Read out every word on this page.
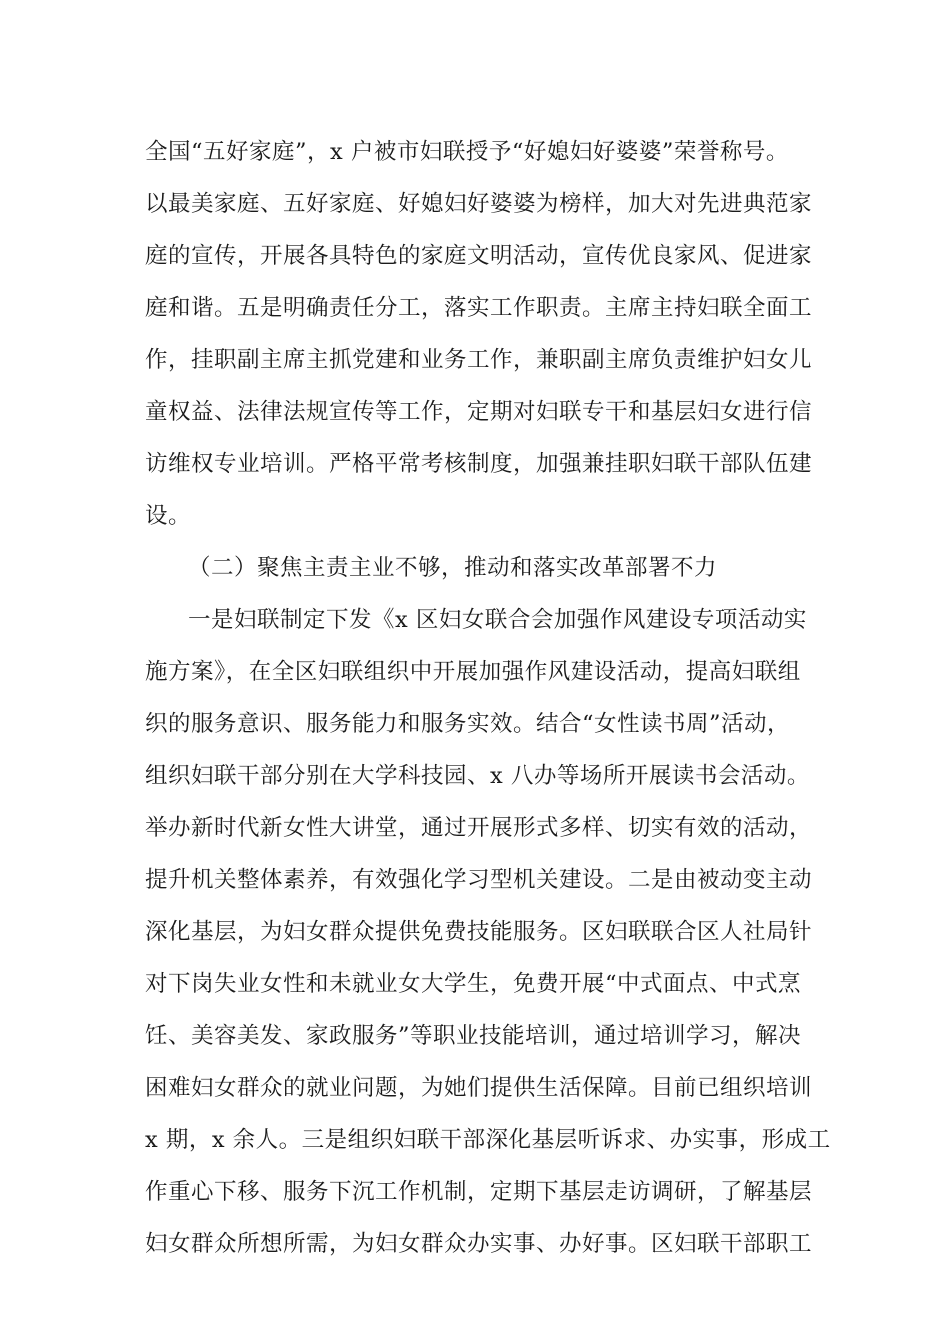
全国“五好家庭”，x 户被市妇联授予“好媳妇好婆婆”荣誉称号。
以最美家庭、五好家庭、好媳妇好婆婆为榜样，加大对先进典范家
庭的宣传，开展各具特色的家庭文明活动，宣传优良家风、促进家
庭和谐。五是明确责任分工，落实工作职责。主席主持妇联全面工
作，挂职副主席主抓党建和业务工作，兼职副主席负责维护妇女儿
童权益、法律法规宣传等工作，定期对妇联专干和基层妇女进行信
访维权专业培训。严格平常考核制度，加强兼挂职妇联干部队伍建
设。
（二）聚焦主责主业不够，推动和落实改革部署不力
一是妇联制定下发《x 区妇女联合会加强作风建设专项活动实
施方案》，在全区妇联组织中开展加强作风建设活动，提高妇联组
织的服务意识、服务能力和服务实效。结合“女性读书周”活动，
组织妇联干部分别在大学科技园、x 八办等场所开展读书会活动。
举办新时代新女性大讲堂，通过开展形式多样、切实有效的活动，
提升机关整体素养，有效强化学习型机关建设。二是由被动变主动
深化基层，为妇女群众提供免费技能服务。区妇联联合区人社局针
对下岗失业女性和未就业女大学生，免费开展“中式面点、中式烹
饪、美容美发、家政服务”等职业技能培训，通过培训学习，解决
困难妇女群众的就业问题，为她们提供生活保障。目前已组织培训
x 期，x 余人。三是组织妇联干部深化基层听诉求、办实事，形成工
作重心下移、服务下沉工作机制，定期下基层走访调研，了解基层
妇女群众所想所需，为妇女群众办实事、办好事。区妇联干部职工
